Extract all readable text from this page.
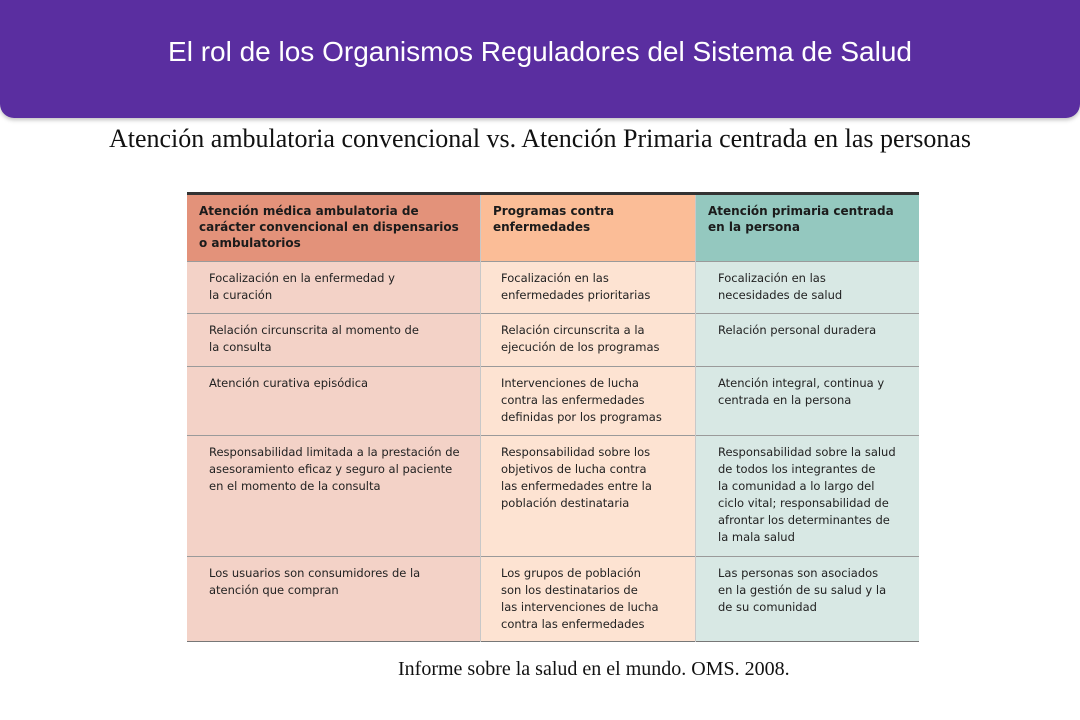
El rol de los Organismos Reguladores del Sistema de Salud
Atención ambulatoria convencional vs. Atención Primaria centrada en las personas
Atención médica ambulatoria de
carácter convencional en dispensarios
o ambulatorios
Programas contra
enfermedades
Atención primaria centrada
en la persona
Focalización en la enfermedad y
la curación
Focalización en las
enfermedades prioritarias
Focalización en las
necesidades de salud
Relación circunscrita al momento de
la consulta
Relación circunscrita a la
ejecución de los programas
Relación personal duradera
Atención curativa episódica	Intervenciones de lucha
contra las enfermedades
definidas por los programas
Atención integral, continua y
centrada en la persona
Responsabilidad limitada a la prestación de
asesoramiento eficaz y seguro al paciente
en el momento de la consulta
Responsabilidad sobre los
objetivos de lucha contra
las enfermedades entre la
población destinataria
Responsabilidad sobre la salud
de todos los integrantes de
la comunidad a lo largo del
ciclo vital; responsabilidad de
afrontar los determinantes de
la mala salud
Los usuarios son consumidores de la
atención que compran
Los grupos de población
son los destinatarios de
las intervenciones de lucha
contra las enfermedades
Las personas son asociados
en la gestión de su salud y la
de su comunidad
Informe sobre la salud en el mundo. OMS. 2008.
